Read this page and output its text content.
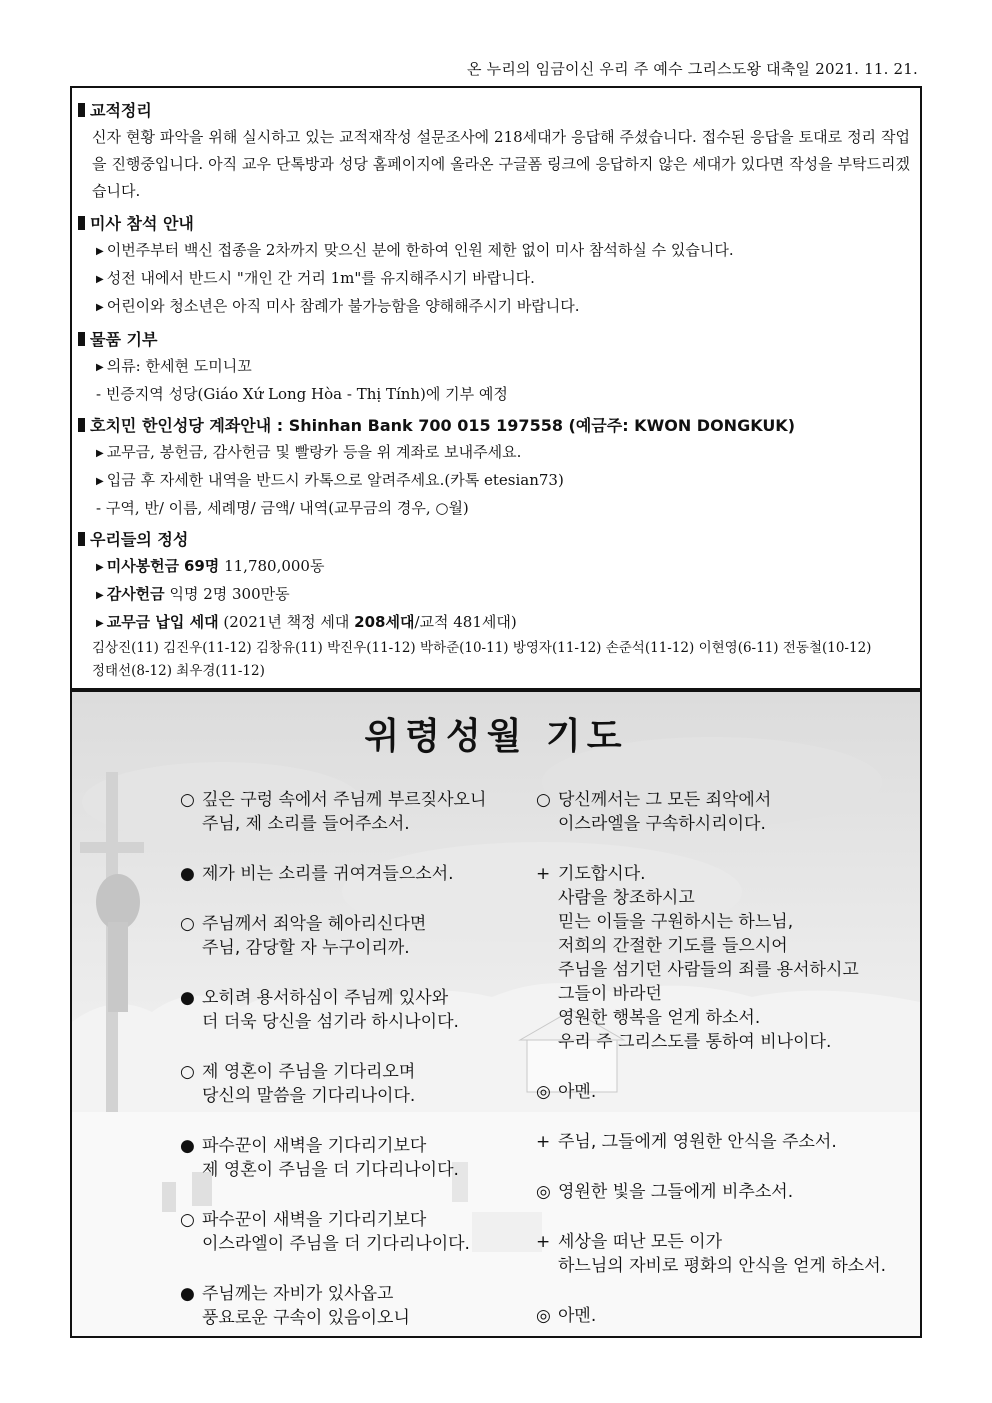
온 누리의 임금이신 우리 주 예수 그리스도왕 대축일 2021. 11. 21.
교적정리
신자 현황 파악을 위해 실시하고 있는 교적재작성 설문조사에 218세대가 응답해 주셨습니다. 접수된 응답을 토대로 정리 작업을 진행중입니다. 아직 교우 단톡방과 성당 홈페이지에 올라온 구글폼 링크에 응답하지 않은 세대가 있다면 작성을 부탁드리겠습니다.
미사 참석 안내
▶ 이번주부터 백신 접종을 2차까지 맞으신 분에 한하여 인원 제한 없이 미사 참석하실 수 있습니다.
▶ 성전 내에서 반드시 "개인 간 거리 1m"를 유지해주시기 바랍니다.
▶ 어린이와 청소년은 아직 미사 참례가 불가능함을 양해해주시기 바랍니다.
물품 기부
▶ 의류: 한세현 도미니꼬
- 빈증지역 성당(Giáo Xứ Long Hòa - Thị Tính)에 기부 예정
호치민 한인성당 계좌안내 : Shinhan Bank 700 015 197558 (예금주: KWON DONGKUK)
▶ 교무금, 봉헌금, 감사헌금 및 빨랑카 등을 위 계좌로 보내주세요.
▶ 입금 후 자세한 내역을 반드시 카톡으로 알려주세요.(카톡 etesian73)
- 구역, 반/ 이름, 세례명/ 금액/ 내역(교무금의 경우, ○월)
우리들의 정성
▶ 미사봉헌금 69명 11,780,000동
▶ 감사헌금 익명 2명 300만동
▶ 교무금 납입 세대 (2021년 책정 세대 208세대/교적 481세대)
김상진(11) 김진우(11-12) 김창유(11) 박진우(11-12) 박하준(10-11) 방영자(11-12) 손준석(11-12) 이현영(6-11) 전동철(10-12)
정태선(8-12) 최우경(11-12)
위령성월 기도
○ 깊은 구렁 속에서 주님께 부르짖사오니
주님, 제 소리를 들어주소서.
● 제가 비는 소리를 귀여겨들으소서.
○ 주님께서 죄악을 헤아리신다면
주님, 감당할 자 누구이리까.
● 오히려 용서하심이 주님께 있사와
더 더욱 당신을 섬기라 하시나이다.
○ 제 영혼이 주님을 기다리오며
당신의 말씀을 기다리나이다.
● 파수꾼이 새벽을 기다리기보다
제 영혼이 주님을 더 기다리나이다.
○ 파수꾼이 새벽을 기다리기보다
이스라엘이 주님을 더 기다리나이다.
● 주님께는 자비가 있사옵고
풍요로운 구속이 있음이오니
○ 당신께서는 그 모든 죄악에서
이스라엘을 구속하시리이다.
+ 기도합시다.
사람을 창조하시고
믿는 이들을 구원하시는 하느님,
저희의 간절한 기도를 들으시어
주님을 섬기던 사람들의 죄를 용서하시고
그들이 바라던
영원한 행복을 얻게 하소서.
우리 주 그리스도를 통하여 비나이다.
◎ 아멘.
+ 주님, 그들에게 영원한 안식을 주소서.
◎ 영원한 빛을 그들에게 비추소서.
+ 세상을 떠난 모든 이가
하느님의 자비로 평화의 안식을 얻게 하소서.
◎ 아멘.
